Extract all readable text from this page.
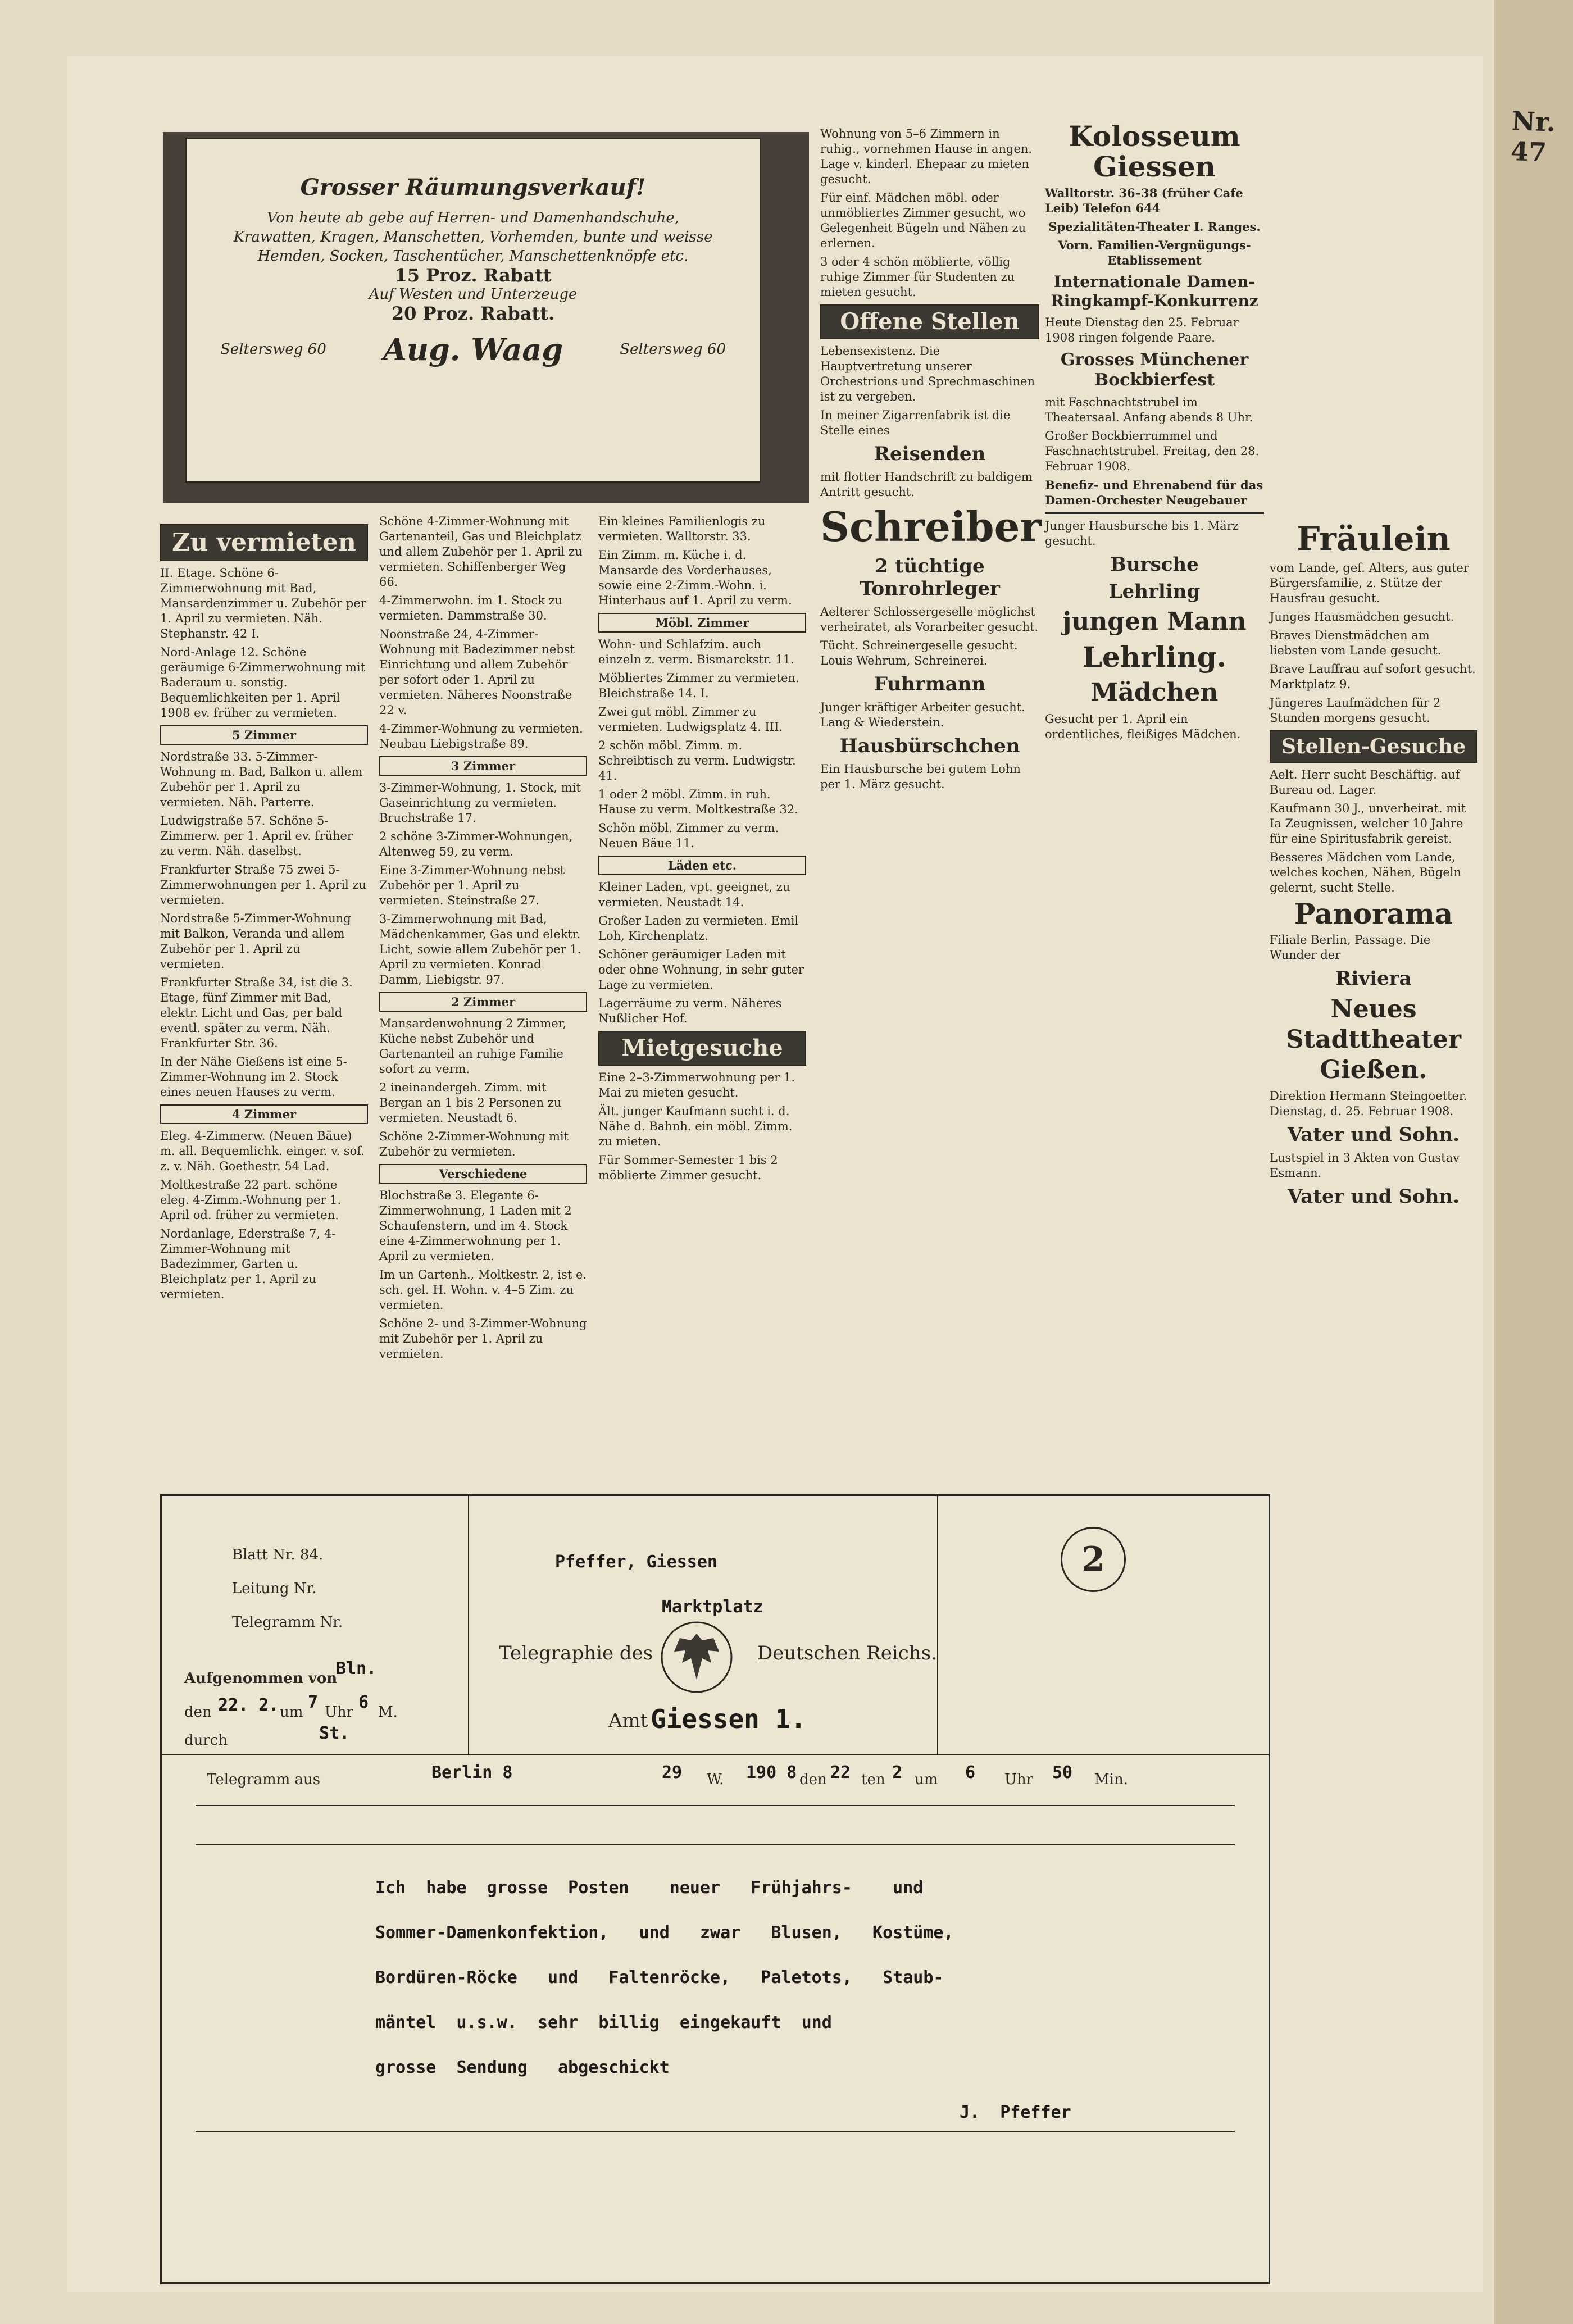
Nr. 47
Grosser Räumungsverkauf!
Von heute ab gebe auf Herren- und Damenhandschuhe, Krawatten, Kragen, Manschetten, Vorhemden, bunte und weisse Hemden, Socken, Taschentücher, Manschettenknöpfe etc.
15 Proz. Rabatt
Auf Westen und Unterzeuge
20 Proz. Rabatt.
Seltersweg 60 Aug. Waag	Seltersweg 60
Zu vermieten

II. Etage. Schöne 6-Zimmerwohnung mit Bad, Mansardenzimmer u. Zubehör per 1. April zu vermieten. Näh. Stephanstr. 42 I.

Nord-Anlage 12. Schöne geräumige 6-Zimmerwohnung mit Baderaum u. sonstig. Bequemlichkeiten per 1. April 1908 ev. früher zu vermieten.

5 Zimmer

Nordstraße 33. 5-Zimmer-Wohnung m. Bad, Balkon u. allem Zubehör per 1. April zu vermieten. Näh. Parterre.

Ludwigstraße 57. Schöne 5-Zimmerw. per 1. April ev. früher zu verm. Näh. daselbst.

Frankfurter Straße 75 zwei 5-Zimmerwohnungen per 1. April zu vermieten.

Nordstraße 5-Zimmer-Wohnung mit Balkon, Veranda und allem Zubehör per 1. April zu vermieten.

Frankfurter Straße 34, ist die 3. Etage, fünf Zimmer mit Bad, elektr. Licht und Gas, per bald eventl. später zu verm. Näh. Frankfurter Str. 36.

In der Nähe Gießens ist eine 5-Zimmer-Wohnung im 2. Stock eines neuen Hauses zu verm.

4 Zimmer

Eleg. 4-Zimmerw. (Neuen Bäue) m. all. Bequemlichk. einger. v. sof. z. v. Näh. Goethestr. 54 Lad.

Moltkestraße 22 part. schöne eleg. 4-Zimm.-Wohnung per 1. April od. früher zu vermieten.

Nordanlage, Ederstraße 7, 4-Zimmer-Wohnung mit Badezimmer, Garten u. Bleichplatz per 1. April zu vermieten.

Schöne 4-Zimmer-Wohnung mit Gartenanteil, Gas und Bleichplatz und allem Zubehör per 1. April zu vermieten. Schiffenberger Weg 66.

4-Zimmerwohn. im 1. Stock zu vermieten. Dammstraße 30.

Noonstraße 24, 4-Zimmer-Wohnung mit Badezimmer nebst Einrichtung und allem Zubehör per sofort oder 1. April zu vermieten. Näheres Noonstraße 22 v.

4-Zimmer-Wohnung zu vermieten. Neubau Liebigstraße 89.

3 Zimmer

3-Zimmer-Wohnung, 1. Stock, mit Gaseinrichtung zu vermieten. Bruchstraße 17.

2 schöne 3-Zimmer-Wohnungen, Altenweg 59, zu verm.

Eine 3-Zimmer-Wohnung nebst Zubehör per 1. April zu vermieten. Steinstraße 27.

3-Zimmerwohnung mit Bad, Mädchenkammer, Gas und elektr. Licht, sowie allem Zubehör per 1. April zu vermieten. Konrad Damm, Liebigstr. 97.

2 Zimmer

Mansardenwohnung 2 Zimmer, Küche nebst Zubehör und Gartenanteil an ruhige Familie sofort zu verm.

2 ineinandergeh. Zimm. mit Bergan an 1 bis 2 Personen zu vermieten. Neustadt 6.

Schöne 2-Zimmer-Wohnung mit Zubehör zu vermieten.

Verschiedene

Blochstraße 3. Elegante 6-Zimmerwohnung, 1 Laden mit 2 Schaufenstern, und im 4. Stock eine 4-Zimmerwohnung per 1. April zu vermieten.

Im un Gartenh., Moltkestr. 2, ist e. sch. gel. H. Wohn. v. 4–5 Zim. zu vermieten.

Schöne 2- und 3-Zimmer-Wohnung mit Zubehör per 1. April zu vermieten.

Ein kleines Familienlogis zu vermieten. Walltorstr. 33.

Ein Zimm. m. Küche i. d. Mansarde des Vorderhauses, sowie eine 2-Zimm.-Wohn. i. Hinterhaus auf 1. April zu verm.

Möbl. Zimmer

Wohn- und Schlafzim. auch einzeln z. verm. Bismarckstr. 11.

Möbliertes Zimmer zu vermieten. Bleichstraße 14. I.

Zwei gut möbl. Zimmer zu vermieten. Ludwigsplatz 4. III.

2 schön möbl. Zimm. m. Schreibtisch zu verm. Ludwigstr. 41.

1 oder 2 möbl. Zimm. in ruh. Hause zu verm. Moltkestraße 32.

Schön möbl. Zimmer zu verm. Neuen Bäue 11.

Läden etc.

Kleiner Laden, vpt. geeignet, zu vermieten. Neustadt 14.

Großer Laden zu vermieten. Emil Loh, Kirchenplatz.

Schöner geräumiger Laden mit oder ohne Wohnung, in sehr guter Lage zu vermieten.

Lagerräume zu verm. Näheres Nußlicher Hof.

Mietgesuche

Eine 2–3-Zimmerwohnung per 1. Mai zu mieten gesucht.

Ält. junger Kaufmann sucht i. d. Nähe d. Bahnh. ein möbl. Zimm. zu mieten.

Für Sommer-Semester 1 bis 2 möblierte Zimmer gesucht.

Wohnung von 5–6 Zimmern in ruhig., vornehmen Hause in angen. Lage v. kinderl. Ehepaar zu mieten gesucht.

Für einf. Mädchen möbl. oder unmöbliertes Zimmer gesucht, wo Gelegenheit Bügeln und Nähen zu erlernen.

3 oder 4 schön möblierte, völlig ruhige Zimmer für Studenten zu mieten gesucht.

Offene Stellen

Lebensexistenz. Die Hauptvertretung unserer Orchestrions und Sprechmaschinen ist zu vergeben.

In meiner Zigarrenfabrik ist die Stelle eines

Reisenden

mit flotter Handschrift zu baldigem Antritt gesucht.

Schreiber
2 tüchtige Tonrohrleger

Aelterer Schlossergeselle möglichst verheiratet, als Vorarbeiter gesucht.

Tücht. Schreinergeselle gesucht. Louis Wehrum, Schreinerei.

Fuhrmann

Junger kräftiger Arbeiter gesucht. Lang & Wiederstein.

Hausbürschchen

Ein Hausbursche bei gutem Lohn per 1. März gesucht.

Kolosseum Giessen

Walltorstr. 36–38 (früher Cafe Leib) Telefon 644

Spezialitäten-Theater I. Ranges.

Vorn. Familien-Vergnügungs-Etablissement

Internationale Damen-Ringkampf-Konkurrenz

Heute Dienstag den 25. Februar 1908 ringen folgende Paare.

Grosses Münchener Bockbierfest

mit Faschnachtstrubel im Theatersaal. Anfang abends 8 Uhr.

Großer Bockbierrummel und Faschnachtstrubel. Freitag, den 28. Februar 1908.

Benefiz- und Ehrenabend für das Damen-Orchester Neugebauer

Junger Hausbursche bis 1. März gesucht.

Bursche
Lehrling
jungen Mann
Lehrling.
Mädchen

Gesucht per 1. April ein ordentliches, fleißiges Mädchen.

Fräulein

vom Lande, gef. Alters, aus guter Bürgersfamilie, z. Stütze der Hausfrau gesucht.

Junges Hausmädchen gesucht.

Braves Dienstmädchen am liebsten vom Lande gesucht.

Brave Lauffrau auf sofort gesucht. Marktplatz 9.

Jüngeres Laufmädchen für 2 Stunden morgens gesucht.

Stellen-Gesuche

Aelt. Herr sucht Beschäftig. auf Bureau od. Lager.

Kaufmann 30 J., unverheirat. mit Ia Zeugnissen, welcher 10 Jahre für eine Spiritusfabrik gereist.

Besseres Mädchen vom Lande, welches kochen, Nähen, Bügeln gelernt, sucht Stelle.

Panorama

Filiale Berlin, Passage. Die Wunder der

Riviera
Neues Stadttheater Gießen.

Direktion Hermann Steingoetter. Dienstag, d. 25. Februar 1908.

Vater und Sohn.

Lustspiel in 3 Akten von Gustav Esmann.

Vater und Sohn.
Blatt Nr. 84.
Leitung Nr.
Telegramm Nr.
Aufgenommen von
Bln.
den 22. 2. um 7 Uhr 6 M.
durch	St.
Pfeffer, Giessen
Marktplatz
Telegraphie des	Deutschen Reichs.
Amt Giessen 1.
2
Telegramm aus	Berlin 8	29 W. 190 8 den 22 ten 2 um 6 Uhr 50 Min.
Ich  habe  grosse  Posten    neuer   Frühjahrs-    und
Sommer-Damenkonfektion,   und   zwar   Blusen,   Kostüme,
Bordüren-Röcke   und   Faltenröcke,   Paletots,   Staub-
mäntel  u.s.w.  sehr  billig  eingekauft  und
grosse  Sendung   abgeschickt
J.  Pfeffer
